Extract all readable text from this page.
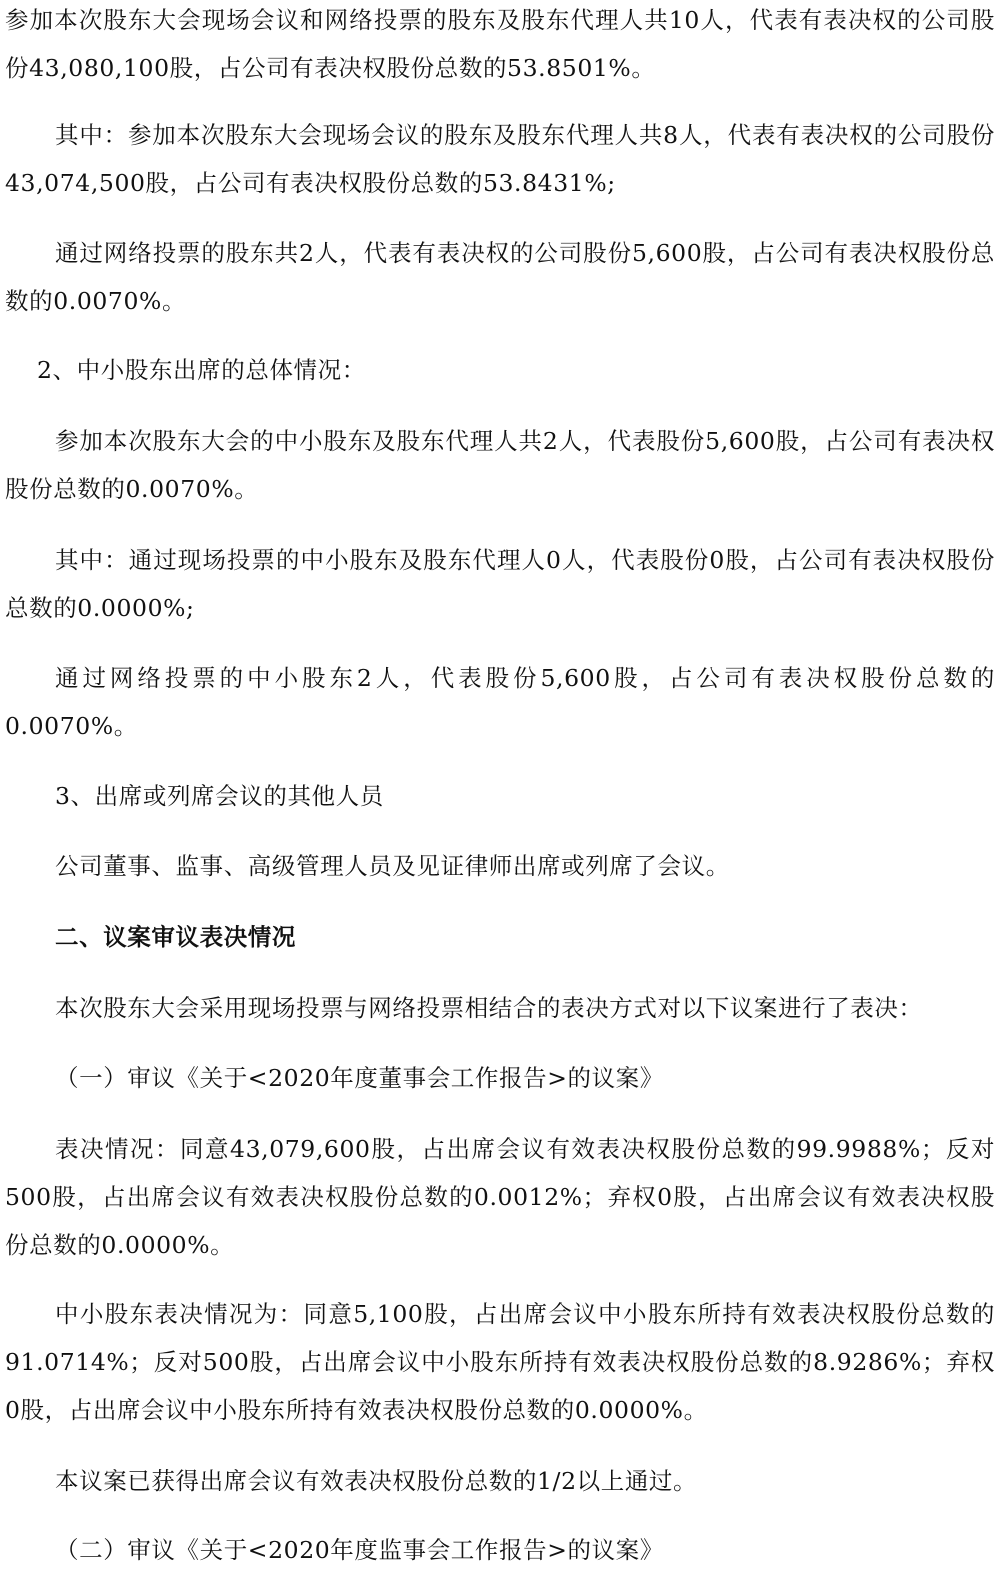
参加本次股东大会现场会议和网络投票的股东及股东代理人共10人，代表有表决权的公司股份43,080,100股，占公司有表决权股份总数的53.8501%。

其中：参加本次股东大会现场会议的股东及股东代理人共8人，代表有表决权的公司股份43,074,500股，占公司有表决权股份总数的53.8431%;

通过网络投票的股东共2人，代表有表决权的公司股份5,600股，占公司有表决权股份总数的0.0070%。

2、中小股东出席的总体情况：

参加本次股东大会的中小股东及股东代理人共2人，代表股份5,600股，占公司有表决权股份总数的0.0070%。

其中：通过现场投票的中小股东及股东代理人0人，代表股份0股，占公司有表决权股份总数的0.0000%;

通过网络投票的中小股东2人，代表股份5,600股，占公司有表决权股份总数的0.0070%。

3、出席或列席会议的其他人员

公司董事、监事、高级管理人员及见证律师出席或列席了会议。

二、议案审议表决情况

本次股东大会采用现场投票与网络投票相结合的表决方式对以下议案进行了表决：

（一）审议《关于<2020年度董事会工作报告>的议案》

表决情况：同意43,079,600股，占出席会议有效表决权股份总数的99.9988%；反对500股，占出席会议有效表决权股份总数的0.0012%；弃权0股，占出席会议有效表决权股份总数的0.0000%。

中小股东表决情况为：同意5,100股，占出席会议中小股东所持有效表决权股份总数的91.0714%；反对500股，占出席会议中小股东所持有效表决权股份总数的8.9286%；弃权0股，占出席会议中小股东所持有效表决权股份总数的0.0000%。

本议案已获得出席会议有效表决权股份总数的1/2以上通过。

（二）审议《关于<2020年度监事会工作报告>的议案》
